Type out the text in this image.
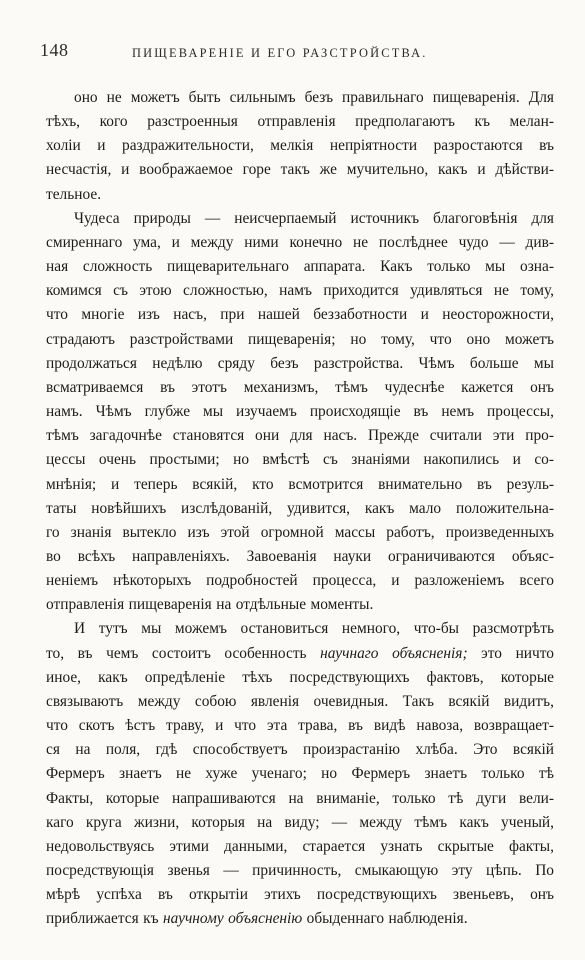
148	ПИЩЕВАРЕНIЕ И ЕГО РАЗСТРОЙСТВА.

оно не можетъ быть сильнымъ безъ правильнаго пищеваренія. Для
тѣхъ, кого разстроенныя отправленія предполагаютъ къ мелан-
холіи и раздражительности, мелкія непріятности разростаются въ
несчастія, и воображаемое горе такъ же мучительно, какъ и дѣйстви-
тельное.

Чудеса природы — неисчерпаемый источникъ благоговѣнія для
смиреннаго ума, и между ними конечно не послѣднее чудо — див-
ная сложность пищеварительнаго аппарата. Какъ только мы озна-
комимся съ этою сложностью, намъ приходится удивляться не тому,
что многіе изъ насъ, при нашей беззаботности и неосторожности,
страдаютъ разстройствами пищеваренія; но тому, что оно можетъ
продолжаться недѣлю сряду безъ разстройства. Чѣмъ больше мы
всматриваемся въ этотъ механизмъ, тѣмъ чудеснѣе кажется онъ
намъ. Чѣмъ глубже мы изучаемъ происходящіе въ немъ процессы,
тѣмъ загадочнѣе становятся они для насъ. Прежде считали эти про-
цессы очень простыми; но вмѣстѣ съ знаніями накопились и со-
мнѣнія; и теперь всякій, кто всмотрится внимательно въ резуль-
таты новѣйшихъ изслѣдованій, удивится, какъ мало положительна-
го знанія вытекло изъ этой огромной массы работъ, произведенныхъ
во всѣхъ направленіяхъ. Завоеванія науки ограничиваются объяс-
неніемъ нѣкоторыхъ подробностей процесса, и разложеніемъ всего
отправленія пищеваренія на отдѣльные моменты.

И тутъ мы можемъ остановиться немного, что-бы разсмотрѣть
то, въ чемъ состоитъ особенность научнаго объясненія; это ничто
иное, какъ опредѣленіе тѣхъ посредствующихъ фактовъ, которые
связываютъ между собою явленія очевидныя. Такъ всякій видитъ,
что скотъ ѣстъ траву, и что эта трава, въ видѣ навоза, возвращает-
ся на поля, гдѣ способствуетъ произрастанію хлѣба. Это всякій
Фермеръ знаетъ не хуже ученаго; но Фермеръ знаетъ только тѣ
Факты, которые напрашиваются на вниманіе, только тѣ дуги вели-
каго круга жизни, которыя на виду; — между тѣмъ какъ ученый,
недовольствуясь этими данными, старается узнать скрытые факты,
посредствующія звенья — причинность, смыкающую эту цѣпь. По
мѣрѣ успѣха въ открытіи этихъ посредствующихъ звеньевъ, онъ
приближается къ научному объясненію обыденнаго наблюденія.
